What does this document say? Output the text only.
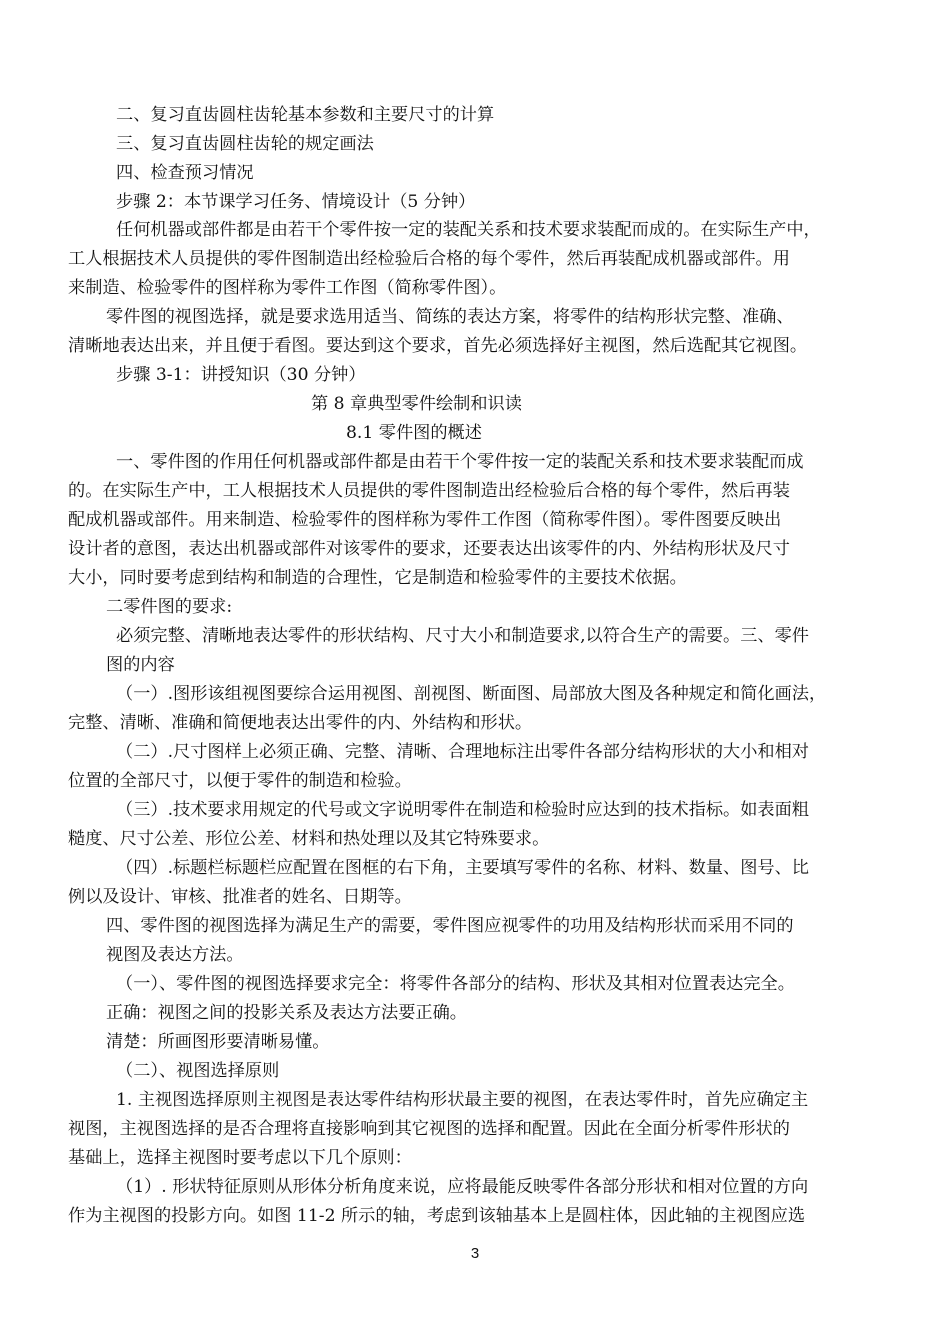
二、复习直齿圆柱齿轮基本参数和主要尺寸的计算
三、复习直齿圆柱齿轮的规定画法
四、检查预习情况
步骤 2：本节课学习任务、情境设计（5 分钟）
任何机器或部件都是由若干个零件按一定的装配关系和技术要求装配而成的。在实际生产中，
工人根据技术人员提供的零件图制造出经检验后合格的每个零件，然后再装配成机器或部件。用
来制造、检验零件的图样称为零件工作图（简称零件图）。
零件图的视图选择，就是要求选用适当、简练的表达方案，将零件的结构形状完整、准确、
清晰地表达出来，并且便于看图。要达到这个要求，首先必须选择好主视图，然后选配其它视图。
步骤 3-1：讲授知识（30 分钟）
第 8 章典型零件绘制和识读
8.1 零件图的概述
一、零件图的作用任何机器或部件都是由若干个零件按一定的装配关系和技术要求装配而成
的。在实际生产中，工人根据技术人员提供的零件图制造出经检验后合格的每个零件，然后再装
配成机器或部件。用来制造、检验零件的图样称为零件工作图（简称零件图）。零件图要反映出
设计者的意图，表达出机器或部件对该零件的要求，还要表达出该零件的内、外结构形状及尺寸
大小，同时要考虑到结构和制造的合理性，它是制造和检验零件的主要技术依据。
二零件图的要求:
必须完整、清晰地表达零件的形状结构、尺寸大小和制造要求,以符合生产的需要。三、零件
图的内容
（一）.图形该组视图要综合运用视图、剖视图、断面图、局部放大图及各种规定和简化画法，
完整、清晰、准确和简便地表达出零件的内、外结构和形状。
（二）.尺寸图样上必须正确、完整、清晰、合理地标注出零件各部分结构形状的大小和相对
位置的全部尺寸，以便于零件的制造和检验。
（三）.技术要求用规定的代号或文字说明零件在制造和检验时应达到的技术指标。如表面粗
糙度、尺寸公差、形位公差、材料和热处理以及其它特殊要求。
（四）.标题栏标题栏应配置在图框的右下角，主要填写零件的名称、材料、数量、图号、比
例以及设计、审核、批准者的姓名、日期等。
四、零件图的视图选择为满足生产的需要，零件图应视零件的功用及结构形状而采用不同的
视图及表达方法。
（一）、零件图的视图选择要求完全：将零件各部分的结构、形状及其相对位置表达完全。
正确：视图之间的投影关系及表达方法要正确。
清楚：所画图形要清晰易懂。
（二）、视图选择原则
1. 主视图选择原则主视图是表达零件结构形状最主要的视图，在表达零件时，首先应确定主
视图，主视图选择的是否合理将直接影响到其它视图的选择和配置。因此在全面分析零件形状的
基础上，选择主视图时要考虑以下几个原则：
（1）. 形状特征原则从形体分析角度来说，应将最能反映零件各部分形状和相对位置的方向
作为主视图的投影方向。如图 11-2 所示的轴，考虑到该轴基本上是圆柱体，因此轴的主视图应选
3
